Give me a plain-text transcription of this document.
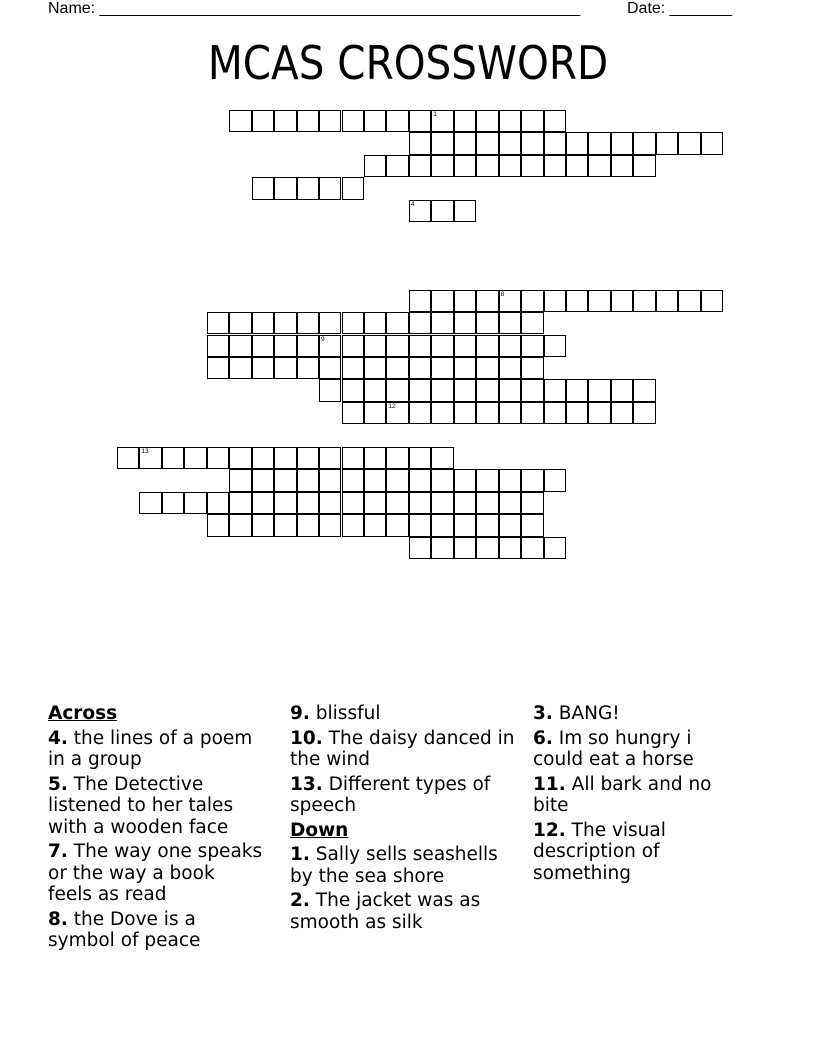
Name: ______________________________________________________	Date: _______
MCAS CROSSWORD
1
4
8
9
12
13
Across
4. the lines of a poem in a group
5. The Detective listened to her tales with a wooden face
7. The way one speaks or the way a book feels as read
8. the Dove is a symbol of peace
9. blissful
10. The daisy danced in the wind
13. Different types of speech
Down
1. Sally sells seashells by the sea shore
2. The jacket was as smooth as silk
3. BANG!
6. Im so hungry i could eat a horse
11. All bark and no bite
12. The visual description of something
